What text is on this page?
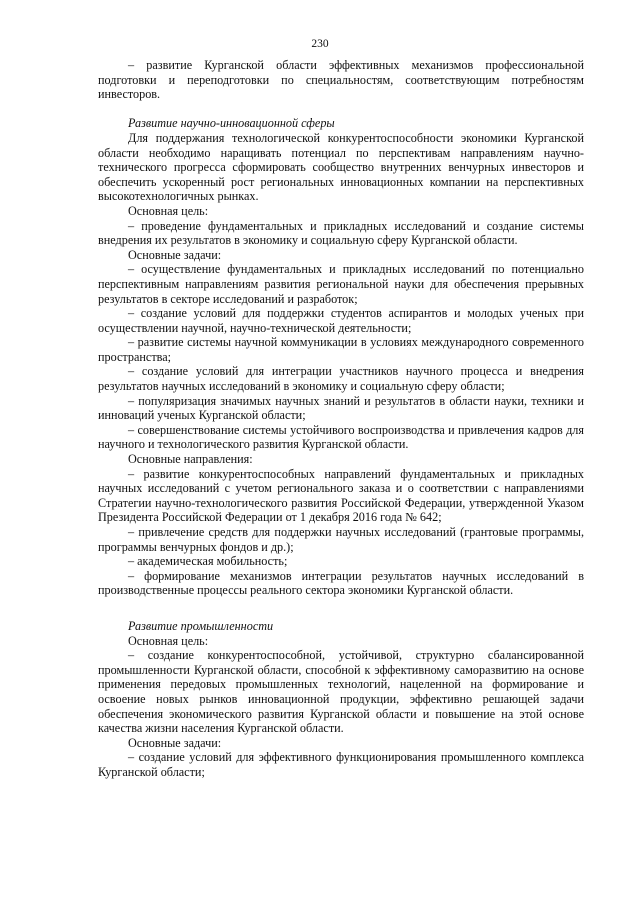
230

– развитие Курганской области эффективных механизмов профессиональной подготовки и переподготовки по специальностям, соответствующим потребностям инвесторов.

Развитие научно-инновационной сферы

Для поддержания технологической конкурентоспособности экономики Курганской области необходимо наращивать потенциал по перспективам направлениям научно-технического прогресса сформировать сообщество внутренних венчурных инвесторов и обеспечить ускоренный рост региональных инновационных компании на перспективных высокотехнологичных рынках.

Основная цель:

– проведение фундаментальных и прикладных исследований и создание системы внедрения их результатов в экономику и социальную сферу Курганской области.

Основные задачи:

– осуществление фундаментальных и прикладных исследований по потенциально перспективным направлениям развития региональной науки для обеспечения прерывных результатов в секторе исследований и разработок;

– создание условий для поддержки студентов аспирантов и молодых ученых при осуществлении научной, научно-технической деятельности;

– развитие системы научной коммуникации в условиях международного современного пространства;

– создание условий для интеграции участников научного процесса и внедрения результатов научных исследований в экономику и социальную сферу области;

– популяризация значимых научных знаний и результатов в области науки, техники и инноваций ученых Курганской области;

– совершенствование системы устойчивого воспроизводства и привлечения кадров для научного и технологического развития Курганской области.

Основные направления:

– развитие конкурентоспособных направлений фундаментальных и прикладных научных исследований с учетом регионального заказа и о соответствии с направлениями Стратегии научно-технологического развития Российской Федерации, утвержденной Указом Президента Российской Федерации от 1 декабря 2016 года № 642;

– привлечение средств для поддержки научных исследований (грантовые программы, программы венчурных фондов и др.);

– академическая мобильность;

– формирование механизмов интеграции результатов научных исследований в производственные процессы реального сектора экономики Курганской области.

Развитие промышленности

Основная цель:

– создание конкурентоспособной, устойчивой, структурно сбалансированной промышленности Курганской области, способной к эффективному саморазвитию на основе применения передовых промышленных технологий, нацеленной на формирование и освоение новых рынков инновационной продукции, эффективно решающей задачи обеспечения экономического развития Курганской области и повышение на этой основе качества жизни населения Курганской области.

Основные задачи:

– создание условий для эффективного функционирования промышленного комплекса Курганской области;
